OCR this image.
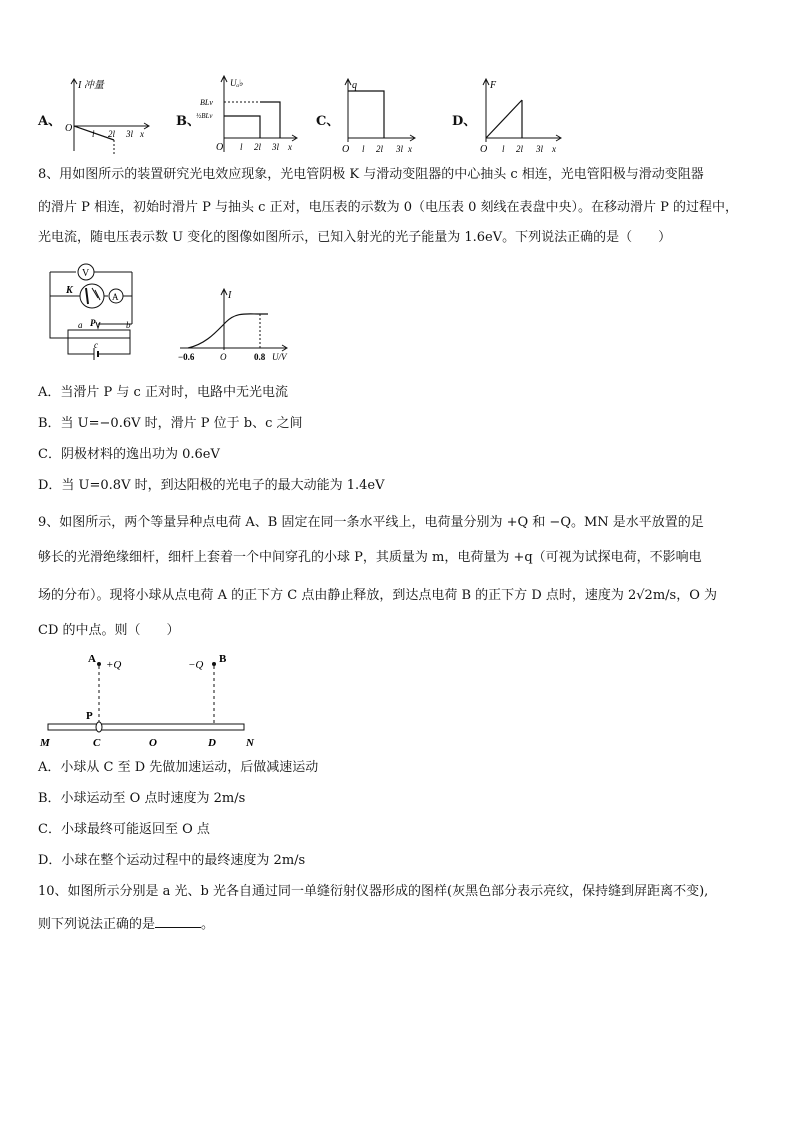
A、
I 冲量
O l 2l 3l x
B、
Uₐ♭
BLv
½BLv
O l 2l 3l x
C、
q
O l 2l 3l x
D、
F
O l 2l 3l x
8、用如图所示的装置研究光电效应现象，光电管阴极 K 与滑动变阻器的中心抽头 c 相连，光电管阳极与滑动变阻器
的滑片 P 相连，初始时滑片 P 与抽头 c 正对，电压表的示数为 0（电压表 0 刻线在表盘中央）。在移动滑片 P 的过程中，
光电流，随电压表示数 U 变化的图像如图所示，已知入射光的光子能量为 1.6eV。下列说法正确的是（　　）
V
K
A
a P	b
c
I
O
−0.6	0.8 U/V
A．当滑片 P 与 c 正对时，电路中无光电流
B．当 U=−0.6V 时，滑片 P 位于 b、c 之间
C．阴极材料的逸出功为 0.6eV
D．当 U=0.8V 时，到达阳极的光电子的最大动能为 1.4eV
9、如图所示，两个等量异种点电荷 A、B 固定在同一条水平线上，电荷量分别为 +Q 和 −Q。MN 是水平放置的足
够长的光滑绝缘细杆，细杆上套着一个中间穿孔的小球 P，其质量为 m，电荷量为 +q（可视为试探电荷，不影响电
场的分布）。现将小球从点电荷 A 的正下方 C 点由静止释放，到达点电荷 B 的正下方 D 点时，速度为 2√2m/s，O 为
CD 的中点。则（　　）
A +Q	−Q B
P
M	C	O	D	N
A．小球从 C 至 D 先做加速运动，后做减速运动
B．小球运动至 O 点时速度为 2m/s
C．小球最终可能返回至 O 点
D．小球在整个运动过程中的最终速度为 2m/s
10、如图所示分别是 a 光、b 光各自通过同一单缝衍射仪器形成的图样(灰黑色部分表示亮纹，保持缝到屏距离不变),
则下列说法正确的是	。
